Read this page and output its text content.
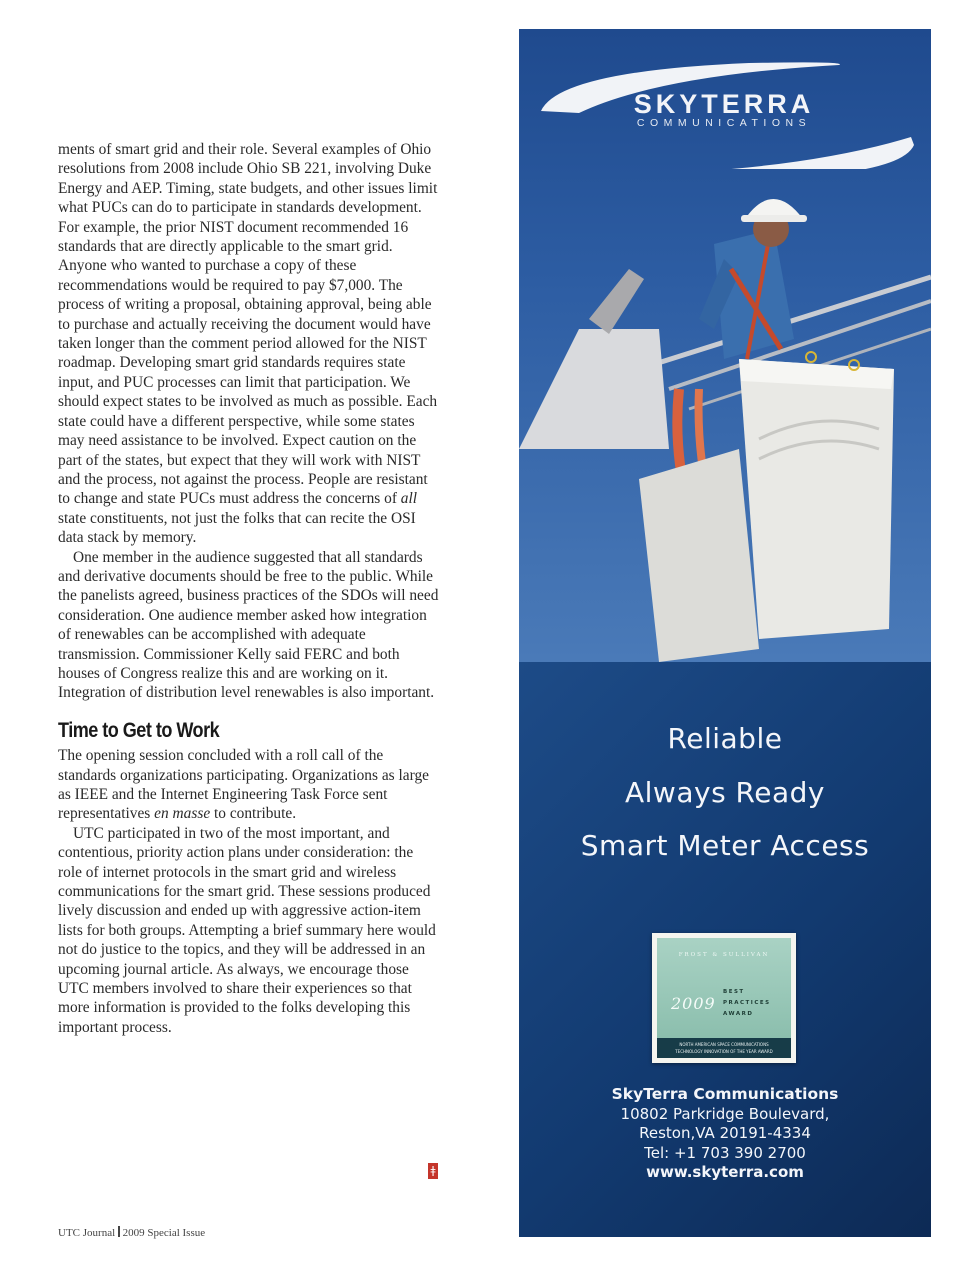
ments of smart grid and their role. Several examples of Ohio resolutions from 2008 include Ohio SB 221, involving Duke Energy and AEP. Timing, state budgets, and other issues limit what PUCs can do to participate in standards development. For example, the prior NIST document recommended 16 standards that are directly applicable to the smart grid. Anyone who wanted to purchase a copy of these recommendations would be required to pay $7,000. The process of writing a proposal, obtaining approval, being able to purchase and actually receiving the document would have taken longer than the comment period allowed for the NIST roadmap. Developing smart grid standards requires state input, and PUC processes can limit that participation. We should expect states to be involved as much as possible. Each state could have a different perspective, while some states may need assistance to be involved. Expect caution on the part of the states, but expect that they will work with NIST and the process, not against the process. People are resistant to change and state PUCs must address the concerns of all state constituents, not just the folks that can recite the OSI data stack by memory.

One member in the audience suggested that all standards and derivative documents should be free to the public. While the panelists agreed, business practices of the SDOs will need consideration. One audience member asked how integration of renewables can be accomplished with adequate transmission. Commissioner Kelly said FERC and both houses of Congress realize this and are working on it. Integration of distribution level renewables is also important.

Time to Get to Work

The opening session concluded with a roll call of the standards organizations participating. Organizations as large as IEEE and the Internet Engineering Task Force sent representatives en masse to contribute.

UTC participated in two of the most important, and contentious, priority action plans under consideration: the role of internet protocols in the smart grid and wireless communications for the smart grid. These sessions produced lively discussion and ended up with aggressive action-item lists for both groups. Attempting a brief summary here would not do justice to the topics, and they will be addressed in an upcoming journal article. As always, we encourage those UTC members involved to share their experiences so that more information is provided to the folks developing this important process.

ǂ
UTC Journal 2009 Special Issue
SKYTERRA
COMMUNICATIONS
Reliable
Always Ready
Smart Meter Access
FROST & SULLIVAN
2009
BEST
PRACTICES
AWARD
NORTH AMERICAN SPACE COMMUNICATIONS
TECHNOLOGY INNOVATION OF THE YEAR AWARD
SkyTerra Communications
10802 Parkridge Boulevard,
Reston,VA 20191-4334
Tel: +1 703 390 2700
www.skyterra.com
